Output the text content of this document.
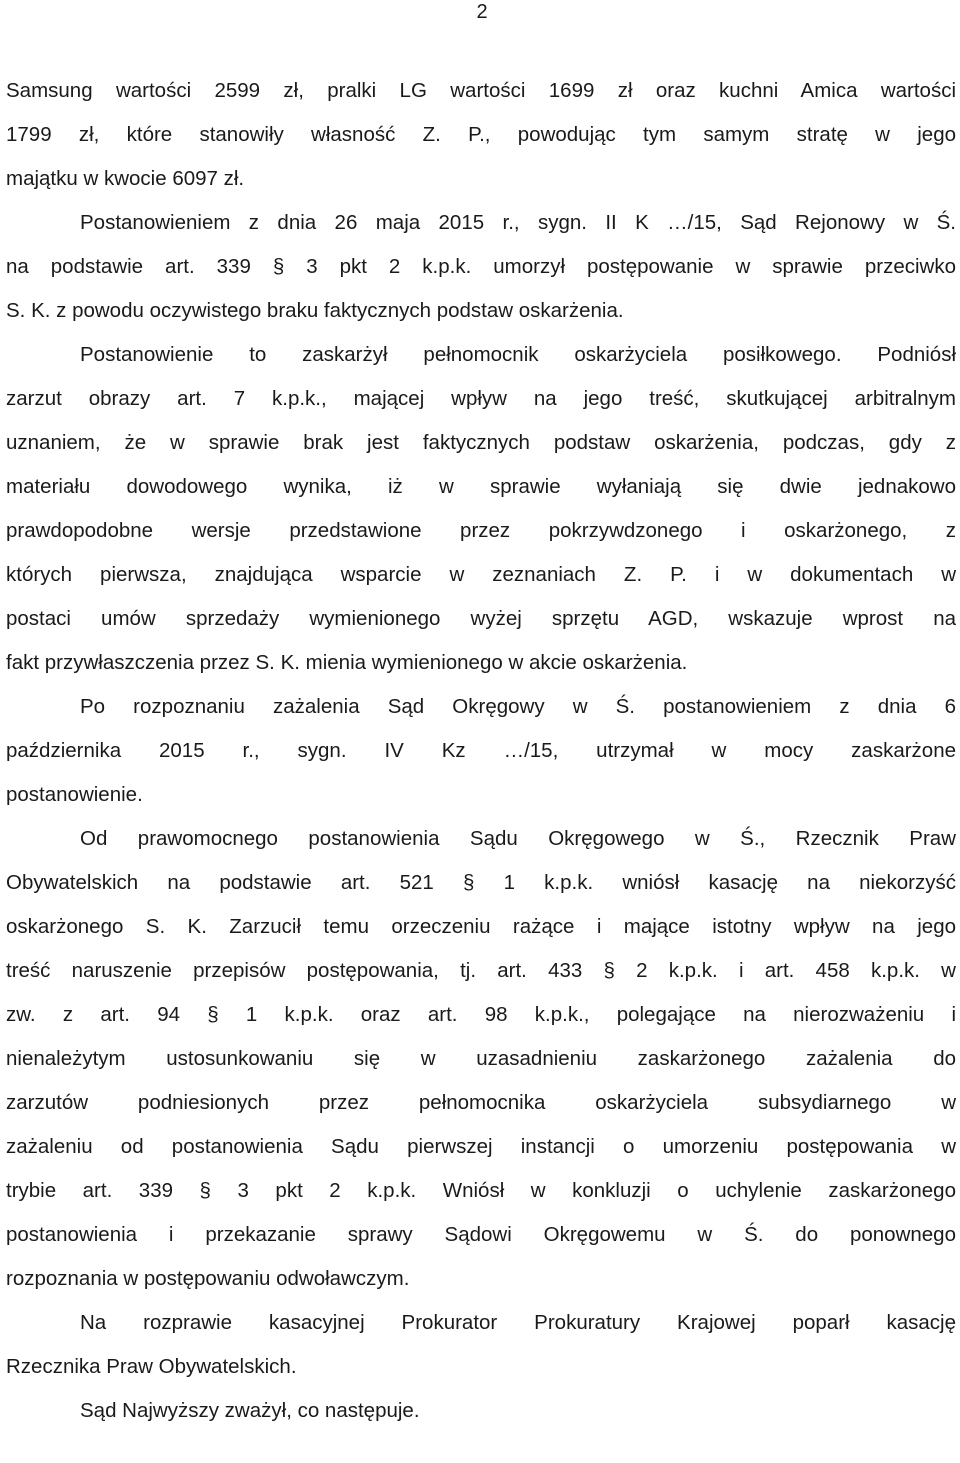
2
Samsung wartości 2599 zł, pralki LG wartości 1699 zł oraz kuchni Amica wartości
1799 zł, które stanowiły własność Z. P., powodując tym samym stratę w jego
majątku w kwocie 6097 zł.
Postanowieniem z dnia 26 maja 2015 r., sygn. II K …/15, Sąd Rejonowy w Ś.
na podstawie art. 339 § 3 pkt 2 k.p.k. umorzył postępowanie w sprawie przeciwko
S. K. z powodu oczywistego braku faktycznych podstaw oskarżenia.
Postanowienie to zaskarżył pełnomocnik oskarżyciela posiłkowego. Podniósł
zarzut obrazy art. 7 k.p.k., mającej wpływ na jego treść, skutkującej arbitralnym
uznaniem, że w sprawie brak jest faktycznych podstaw oskarżenia, podczas, gdy z
materiału dowodowego wynika, iż w sprawie wyłaniają się dwie jednakowo
prawdopodobne wersje przedstawione przez pokrzywdzonego i oskarżonego, z
których pierwsza, znajdująca wsparcie w zeznaniach Z. P. i w dokumentach w
postaci umów sprzedaży wymienionego wyżej sprzętu AGD, wskazuje wprost na
fakt przywłaszczenia przez S. K. mienia wymienionego w akcie oskarżenia.
Po rozpoznaniu zażalenia Sąd Okręgowy w Ś. postanowieniem z dnia 6
października 2015 r., sygn. IV Kz …/15, utrzymał w mocy zaskarżone
postanowienie.
Od prawomocnego postanowienia Sądu Okręgowego w Ś., Rzecznik Praw
Obywatelskich na podstawie art. 521 § 1 k.p.k. wniósł kasację na niekorzyść
oskarżonego S. K. Zarzucił temu orzeczeniu rażące i mające istotny wpływ na jego
treść naruszenie przepisów postępowania, tj. art. 433 § 2 k.p.k. i art. 458 k.p.k. w
zw. z art. 94 § 1 k.p.k. oraz art. 98 k.p.k., polegające na nierozważeniu i
nienależytym ustosunkowaniu się w uzasadnieniu zaskarżonego zażalenia do
zarzutów podniesionych przez pełnomocnika oskarżyciela subsydiarnego w
zażaleniu od postanowienia Sądu pierwszej instancji o umorzeniu postępowania w
trybie art. 339 § 3 pkt 2 k.p.k. Wniósł w konkluzji o uchylenie zaskarżonego
postanowienia i przekazanie sprawy Sądowi Okręgowemu w Ś. do ponownego
rozpoznania w postępowaniu odwoławczym.
Na rozprawie kasacyjnej Prokurator Prokuratury Krajowej poparł kasację
Rzecznika Praw Obywatelskich.
Sąd Najwyższy zważył, co następuje.
